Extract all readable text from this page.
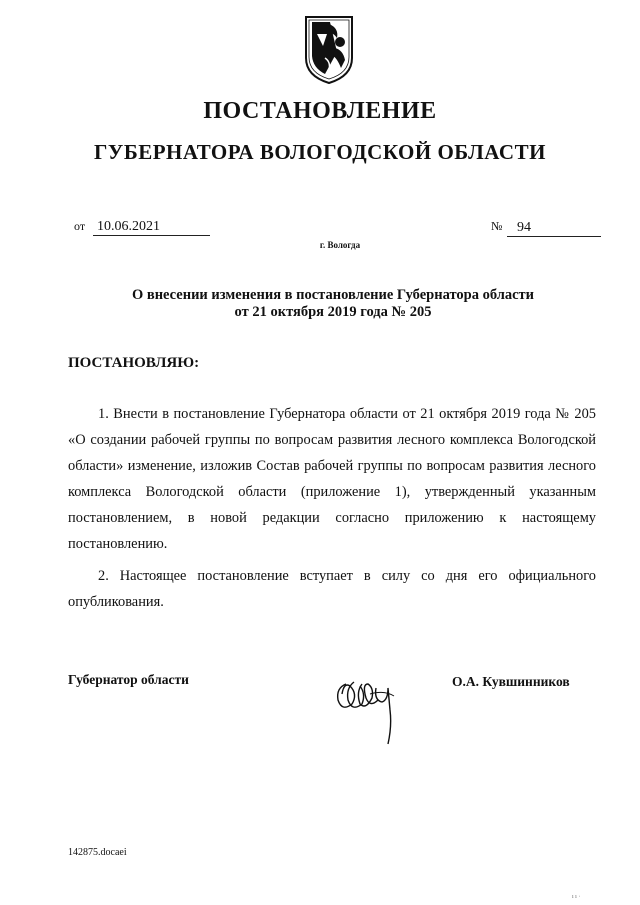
ПОСТАНОВЛЕНИЕ
ГУБЕРНАТОРА ВОЛОГОДСКОЙ ОБЛАСТИ
от 10.06.2021	№	94
г. Вологда
О внесении изменения в постановление Губернатора области
от 21 октября 2019 года № 205
ПОСТАНОВЛЯЮ:

1. Внести в постановление Губернатора области от 21 октября 2019 года № 205 «О создании рабочей группы по вопросам развития лесного комплекса Вологодской области» изменение, изложив Состав рабочей группы по вопросам развития лесного комплекса Вологодской области (приложение 1), утвержденный указанным постановлением, в новой редакции согласно приложению к настоящему постановлению.

2. Настоящее постановление вступает в силу со дня его официального опубликования.

Губернатор области	О.А. Кувшинников
142875.docaei
ı ı ·
